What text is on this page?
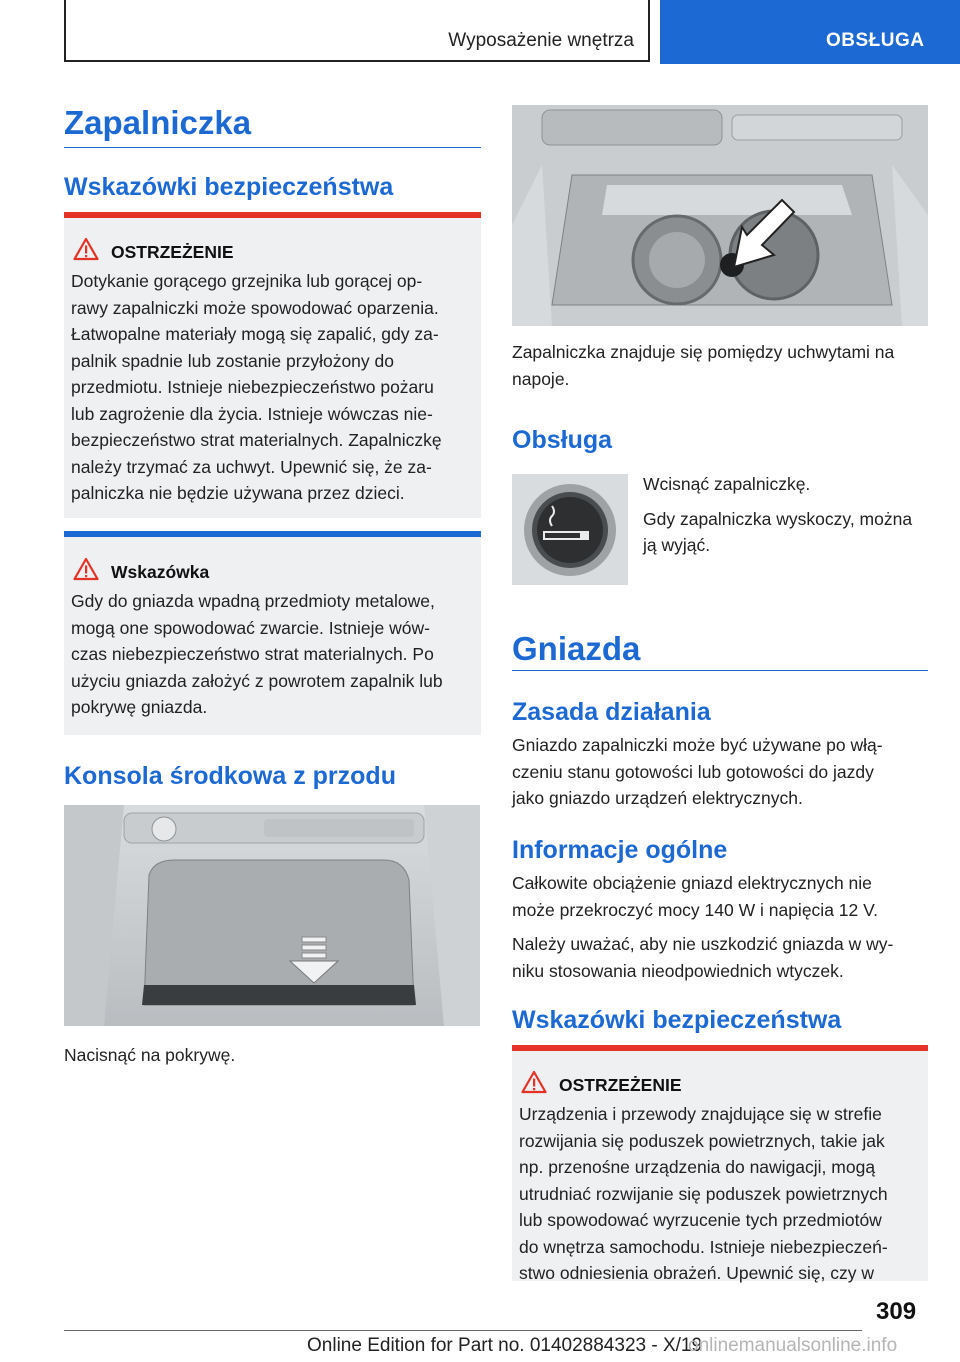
Wyposażenie wnętrza	OBSŁUGA
Zapalniczka
Wskazówki bezpieczeństwa
OSTRZEŻENIE

Dotykanie gorącego grzejnika lub gorącej op-

rawy zapalniczki może spowodować oparzenia.

Łatwopalne materiały mogą się zapalić, gdy za-

palnik spadnie lub zostanie przyłożony do

przedmiotu. Istnieje niebezpieczeństwo pożaru

lub zagrożenie dla życia. Istnieje wówczas nie-

bezpieczeństwo strat materialnych. Zapalniczkę

należy trzymać za uchwyt. Upewnić się, że za-

palniczka nie będzie używana przez dzieci.

Wskazówka

Gdy do gniazda wpadną przedmioty metalowe,

mogą one spowodować zwarcie. Istnieje wów-

czas niebezpieczeństwo strat materialnych. Po

użyciu gniazda założyć z powrotem zapalnik lub

pokrywę gniazda.

Konsola środkowa z przodu

Nacisnąć na pokrywę.

Zapalniczka znajduje się pomiędzy uchwytami na

napoje.

Obsługa

Wcisnąć zapalniczkę.

Gdy zapalniczka wyskoczy, można

ją wyjąć.

Gniazda
Zasada działania

Gniazdo zapalniczki może być używane po włą-

czeniu stanu gotowości lub gotowości do jazdy

jako gniazdo urządzeń elektrycznych.

Informacje ogólne

Całkowite obciążenie gniazd elektrycznych nie

może przekroczyć mocy 140 W i napięcia 12 V.

Należy uważać, aby nie uszkodzić gniazda w wy-

niku stosowania nieodpowiednich wtyczek.

Wskazówki bezpieczeństwa
OSTRZEŻENIE

Urządzenia i przewody znajdujące się w strefie

rozwijania się poduszek powietrznych, takie jak

np. przenośne urządzenia do nawigacji, mogą

utrudniać rozwijanie się poduszek powietrznych

lub spowodować wyrzucenie tych przedmiotów

do wnętrza samochodu. Istnieje niebezpieczeń-

stwo odniesienia obrażeń. Upewnić się, czy w

309
Online Edition for Part no. 01402884323 - X/19
onlinemanualsonline.info
